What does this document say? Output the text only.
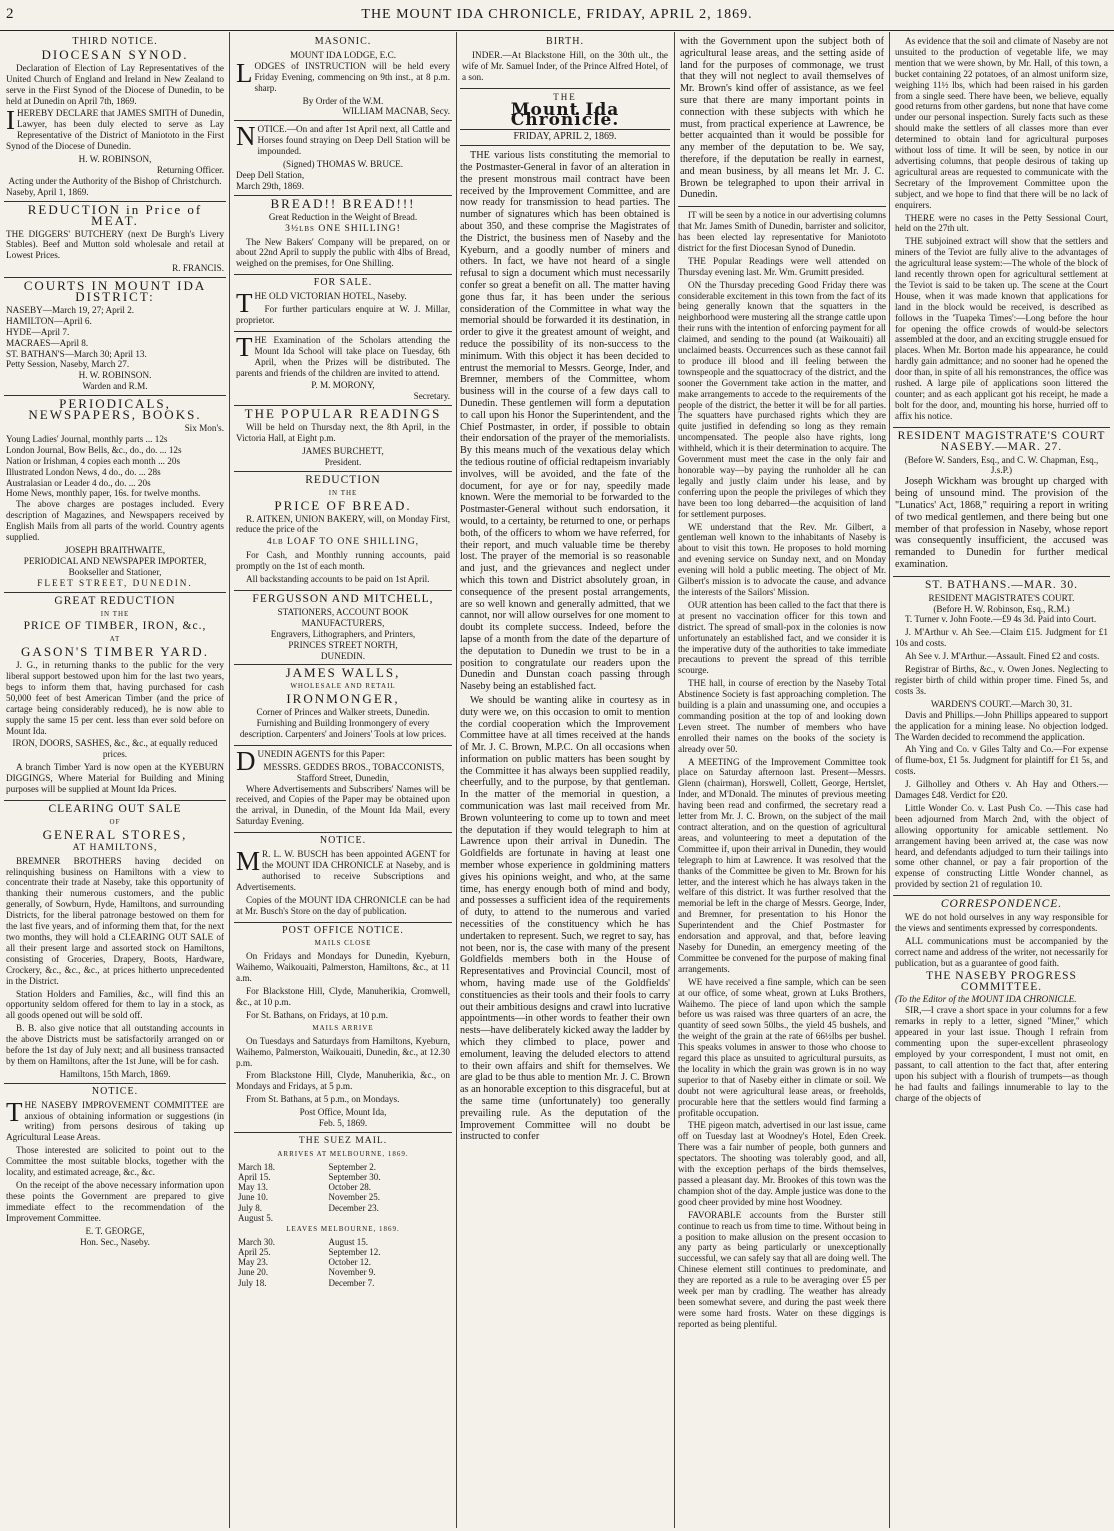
2	THE MOUNT IDA CHRONICLE, FRIDAY, APRIL 2, 1869.
THIRD NOTICE.
DIOCESAN SYNOD.

Declaration of Election of Lay Representatives of the United Church of England and Ireland in New Zealand to serve in the First Synod of the Diocese of Dunedin, to be held at Dunedin on April 7th, 1869.

IHEREBY DECLARE that JAMES SMITH of Dunedin, Lawyer, has been duly elected to serve as Lay Representative of the District of Maniototo in the First Synod of the Diocese of Dunedin.

H. W. ROBINSON,
Returning Officer.
Acting under the Authority of the Bishop of Christchurch.
Naseby, April 1, 1869.
REDUCTION in Price of MEAT.

THE DIGGERS' BUTCHERY (next De Burgh's Livery Stables). Beef and Mutton sold wholesale and retail at Lowest Prices.

R. FRANCIS.
COURTS IN MOUNT IDA DISTRICT:
NASEBY—March 19, 27; April 2.
HAMILTON—April 6.
HYDE—April 7.
MACRAES—April 8.
ST. BATHAN'S—March 30; April 13.
Petty Session, Naseby, March 27.
H. W. ROBINSON.
Warden and R.M.
PERIODICALS, NEWSPAPERS, BOOKS.
Six Mon's.
Young Ladies' Journal, monthly parts ... 12s
London Journal, Bow Bells, &c., do., do. ... 12s
Nation or Irishman, 4 copies each month ... 20s
Illustrated London News, 4 do., do. ... 28s
Australasian or Leader 4 do., do. ... 20s
Home News, monthly paper, 16s. for twelve months.

The above charges are postages included. Every description of Magazines, and Newspapers received by English Mails from all parts of the world. Country agents supplied.

JOSEPH BRAITHWAITE,
PERIODICAL AND NEWSPAPER IMPORTER, Bookseller and Stationer,
FLEET STREET, DUNEDIN.
GREAT REDUCTION
IN THE
PRICE OF TIMBER, IRON, &c.,
AT
GASON'S TIMBER YARD.

J. G., in returning thanks to the public for the very liberal support bestowed upon him for the last two years, begs to inform them that, having purchased for cash 50,000 feet of best American Timber (and the price of cartage being considerably reduced), he is now able to supply the same 15 per cent. less than ever sold before on Mount Ida.

IRON, DOORS, SASHES, &c., &c., at equally reduced prices.

A branch Timber Yard is now open at the KYEBURN DIGGINGS, Where Material for Building and Mining purposes will be supplied at Mount Ida Prices.

CLEARING OUT SALE
OF
GENERAL STORES,
AT HAMILTONS,

BREMNER BROTHERS having decided on relinquishing business on Hamiltons with a view to concentrate their trade at Naseby, take this opportunity of thanking their numerous customers, and the public generally, of Sowburn, Hyde, Hamiltons, and surrounding Districts, for the liberal patronage bestowed on them for the last five years, and of informing them that, for the next two months, they will hold a CLEARING OUT SALE of all their present large and assorted stock on Hamiltons, consisting of Groceries, Drapery, Boots, Hardware, Crockery, &c., &c., &c., at prices hitherto unprecedented in the District.

Station Holders and Families, &c., will find this an opportunity seldom offered for them to lay in a stock, as all goods opened out will be sold off.

B. B. also give notice that all outstanding accounts in the above Districts must be satisfactorily arranged on or before the 1st day of July next; and all business transacted by them on Hamiltons, after the 1st June, will be for cash.

Hamiltons, 15th March, 1869.
NOTICE.

THE NASEBY IMPROVEMENT COMMITTEE are anxious of obtaining information or suggestions (in writing) from persons desirous of taking up Agricultural Lease Areas.

Those interested are solicited to point out to the Committee the most suitable blocks, together with the locality, and estimated acreage, &c., &c.

On the receipt of the above necessary information upon these points the Government are prepared to give immediate effect to the recommendation of the Improvement Committee.

E. T. GEORGE,
Hon. Sec., Naseby.
MASONIC.
MOUNT IDA LODGE, E.C.

LODGES of INSTRUCTION will be held every Friday Evening, commencing on 9th inst., at 8 p.m. sharp.

By Order of the W.M.
WILLIAM MACNAB, Secy.

NOTICE.—On and after 1st April next, all Cattle and Horses found straying on Deep Dell Station will be impounded.

(Signed) THOMAS W. BRUCE.
Deep Dell Station,
March 29th, 1869.
BREAD!! BREAD!!!
Great Reduction in the Weight of Bread.
3½lbs ONE SHILLING!

The New Bakers' Company will be prepared, on or about 22nd April to supply the public with 4lbs of Bread, weighed on the premises, for One Shilling.

FOR SALE.

THE OLD VICTORIAN HOTEL, Naseby.

For further particulars enquire at W. J. Millar, proprietor.

THE Examination of the Scholars attending the Mount Ida School will take place on Tuesday, 6th April, when the Prizes will be distributed. The parents and friends of the children are invited to attend.

P. M. MORONY,
Secretary.
THE POPULAR READINGS

Will be held on Thursday next, the 8th April, in the Victoria Hall, at Eight p.m.

JAMES BURCHETT,
President.
REDUCTION
IN THE
PRICE OF BREAD.

R. AITKEN, UNION BAKERY, will, on Monday First, reduce the price of the

4lb LOAF TO ONE SHILLING,

For Cash, and Monthly running accounts, paid promptly on the 1st of each month.

All backstanding accounts to be paid on 1st April.

FERGUSSON AND MITCHELL,
STATIONERS, ACCOUNT BOOK MANUFACTURERS,
Engravers, Lithographers, and Printers,
PRINCES STREET NORTH,
DUNEDIN.
JAMES WALLS,
WHOLESALE AND RETAIL
IRONMONGER,

Corner of Princes and Walker streets, Dunedin. Furnishing and Building Ironmongery of every description. Carpenters' and Joiners' Tools at low prices.

DUNEDIN AGENTS for this Paper:

MESSRS. GEDDES BROS., TOBACCONISTS,
Stafford Street, Dunedin,

Where Advertisements and Subscribers' Names will be received, and Copies of the Paper may be obtained upon the arrival, in Dunedin, of the Mount Ida Mail, every Saturday Evening.

NOTICE.

MR. L. W. BUSCH has been appointed AGENT for the MOUNT IDA CHRONICLE at Naseby, and is authorised to receive Subscriptions and Advertisements.

Copies of the MOUNT IDA CHRONICLE can be had at Mr. Busch's Store on the day of publication.

POST OFFICE NOTICE.
MAILS CLOSE

On Fridays and Mondays for Dunedin, Kyeburn, Waihemo, Waikouaiti, Palmerston, Hamiltons, &c., at 11 a.m.

For Blackstone Hill, Clyde, Manuherikia, Cromwell, &c., at 10 p.m.

For St. Bathans, on Fridays, at 10 p.m.

MAILS ARRIVE

On Tuesdays and Saturdays from Hamiltons, Kyeburn, Waihemo, Palmerston, Waikouaiti, Dunedin, &c., at 12.30 p.m.

From Blackstone Hill, Clyde, Manuherikia, &c., on Mondays and Fridays, at 5 p.m.

From St. Bathans, at 5 p.m., on Mondays.

Post Office, Mount Ida,
Feb. 5, 1869.
THE SUEZ MAIL.
ARRIVES AT MELBOURNE, 1869.
March 18.	September 2.
April 15.	September 30.
May 13.	October 28.
June 10.	November 25.
July 8.	December 23.
August 5.	
LEAVES MELBOURNE, 1869.
March 30.	August 15.
April 25.	September 12.
May 23.	October 12.
June 20.	November 9.
July 18.	December 7.
BIRTH.

INDER.—At Blackstone Hill, on the 30th ult., the wife of Mr. Samuel Inder, of the Prince Alfred Hotel, of a son.

THE
Mount Ida Chronicle.
FRIDAY, APRIL 2, 1869.

THE various lists constituting the memorial to the Postmaster-General in favor of an alteration in the present monstrous mail contract have been received by the Improvement Committee, and are now ready for transmission to head parties. The number of signatures which has been obtained is about 350, and these comprise the Magistrates of the District, the business men of Naseby and the Kyeburn, and a goodly number of miners and others. In fact, we have not heard of a single refusal to sign a document which must necessarily confer so great a benefit on all. The matter having gone thus far, it has been under the serious consideration of the Committee in what way the memorial should be forwarded it its destination, in order to give it the greatest amount of weight, and reduce the possibility of its non-success to the minimum. With this object it has been decided to entrust the memorial to Messrs. George, Inder, and Bremner, members of the Committee, whom business will in the course of a few days call to Dunedin. These gentlemen will form a deputation to call upon his Honor the Superintendent, and the Chief Postmaster, in order, if possible to obtain their endorsation of the prayer of the memorialists. By this means much of the vexatious delay which the tedious routine of official redtapeism invariably involves, will be avoided, and the fate of the document, for aye or for nay, speedily made known. Were the memorial to be forwarded to the Postmaster-General without such endorsation, it would, to a certainty, be returned to one, or perhaps both, of the officers to whom we have referred, for their report, and much valuable time be thereby lost. The prayer of the memorial is so reasonable and just, and the grievances and neglect under which this town and District absolutely groan, in consequence of the present postal arrangements, are so well known and generally admitted, that we cannot, nor will allow ourselves for one moment to doubt its complete success. Indeed, before the lapse of a month from the date of the departure of the deputation to Dunedin we trust to be in a position to congratulate our readers upon the Dunedin and Dunstan coach passing through Naseby being an established fact.

We should be wanting alike in courtesy as in duty were we, on this occasion to omit to mention the cordial cooperation which the Improvement Committee have at all times received at the hands of Mr. J. C. Brown, M.P.C. On all occasions when information on public matters has been sought by the Committee it has always been supplied readily, cheerfully, and to the purpose, by that gentleman. In the matter of the memorial in question, a communication was last mail received from Mr. Brown volunteering to come up to town and meet the deputation if they would telegraph to him at Lawrence upon their arrival in Dunedin. The Goldfields are fortunate in having at least one member whose experience in goldmining matters gives his opinions weight, and who, at the same time, has energy enough both of mind and body, and possesses a sufficient idea of the requirements of duty, to attend to the numerous and varied necessities of the constituency which he has undertaken to represent. Such, we regret to say, has not been, nor is, the case with many of the present Goldfields members both in the House of Representatives and Provincial Council, most of whom, having made use of the Goldfields' constituencies as their tools and their fools to carry out their ambitious designs and crawl into lucrative appointments—in other words to feather their own nests—have deliberately kicked away the ladder by which they climbed to place, power and emolument, leaving the deluded electors to attend to their own affairs and shift for themselves. We are glad to be thus able to mention Mr. J. C. Brown as an honorable exception to this disgraceful, but at the same time (unfortunately) too generally prevailing rule. As the deputation of the Improvement Committee will no doubt be instructed to confer

with the Government upon the subject both of agricultural lease areas, and the setting aside of land for the purposes of commonage, we trust that they will not neglect to avail themselves of Mr. Brown's kind offer of assistance, as we feel sure that there are many important points in connection with these subjects with which he must, from practical experience at Lawrence, be better acquainted than it would be possible for any member of the deputation to be. We say, therefore, if the deputation be really in earnest, and mean business, by all means let Mr. J. C. Brown be telegraphed to upon their arrival in Dunedin.

IT will be seen by a notice in our advertising columns that Mr. James Smith of Dunedin, barrister and solicitor, has been elected lay representative for Maniototo district for the first Diocesan Synod of Dunedin.

THE Popular Readings were well attended on Thursday evening last. Mr. Wm. Grumitt presided.

ON the Thursday preceding Good Friday there was considerable excitement in this town from the fact of its being generally known that the squatters in the neighborhood were mustering all the strange cattle upon their runs with the intention of enforcing payment for all claimed, and sending to the pound (at Waikouaiti) all unclaimed beasts. Occurrences such as these cannot fail to produce ill blood and ill feeling between the townspeople and the squattocracy of the district, and the sooner the Government take action in the matter, and make arrangements to accede to the requirements of the people of the district, the better it will be for all parties. The squatters have purchased rights which they are quite justified in defending so long as they remain uncompensated. The people also have rights, long withheld, which it is their determination to acquire. The Government must meet the case in the only fair and honorable way—by paying the runholder all he can legally and justly claim under his lease, and by conferring upon the people the privileges of which they have been too long debarred—the acquisition of land for settlement purposes.

WE understand that the Rev. Mr. Gilbert, a gentleman well known to the inhabitants of Naseby is about to visit this town. He proposes to hold morning and evening service on Sunday next, and on Monday evening will hold a public meeting. The object of Mr. Gilbert's mission is to advocate the cause, and advance the interests of the Sailors' Mission.

OUR attention has been called to the fact that there is at present no vaccination officer for this town and district. The spread of small-pox in the colonies is now unfortunately an established fact, and we consider it is the imperative duty of the authorities to take immediate precautions to prevent the spread of this terrible scourge.

THE hall, in course of erection by the Naseby Total Abstinence Society is fast approaching completion. The building is a plain and unassuming one, and occupies a commanding position at the top of and looking down Leven street. The number of members who have enrolled their names on the books of the society is already over 50.

A MEETING of the Improvement Committee took place on Saturday afternoon last. Present—Messrs. Glenn (chairman), Horswell, Collett, George, Hertslet, Inder, and M'Donald. The minutes of previous meeting having been read and confirmed, the secretary read a letter from Mr. J. C. Brown, on the subject of the mail contract alteration, and on the question of agricultural areas, and volunteering to meet a deputation of the Committee if, upon their arrival in Dunedin, they would telegraph to him at Lawrence. It was resolved that the thanks of the Committee be given to Mr. Brown for his letter, and the interest which he has always taken in the welfare of this district. It was further resolved that the memorial be left in the charge of Messrs. George, Inder, and Bremner, for presentation to his Honor the Superintendent and the Chief Postmaster for endorsation and approval, and that, before leaving Naseby for Dunedin, an emergency meeting of the Committee be convened for the purpose of making final arrangements.

WE have received a fine sample, which can be seen at our office, of some wheat, grown at Luks Brothers, Waihemo. The piece of land upon which the sample before us was raised was three quarters of an acre, the quantity of seed sown 50lbs., the yield 45 bushels, and the weight of the grain at the rate of 66½lbs per bushel. This speaks volumes in answer to those who choose to regard this place as unsuited to agricultural pursuits, as the locality in which the grain was grown is in no way superior to that of Naseby either in climate or soil. We doubt not were agricultural lease areas, or freeholds, procurable here that the settlers would find farming a profitable occupation.

THE pigeon match, advertised in our last issue, came off on Tuesday last at Woodney's Hotel, Eden Creek. There was a fair number of people, both gunners and spectators. The shooting was tolerably good, and all, with the exception perhaps of the birds themselves, passed a pleasant day. Mr. Brookes of this town was the champion shot of the day. Ample justice was done to the good cheer provided by mine host Woodney.

FAVORABLE accounts from the Burster still continue to reach us from time to time. Without being in a position to make allusion on the present occasion to any party as being particularly or unexceptionally successful, we can safely say that all are doing well. The Chinese element still continues to predominate, and they are reported as a rule to be averaging over £5 per week per man by cradling. The weather has already been somewhat severe, and during the past week there were some hard frosts. Water on these diggings is reported as being plentiful.

As evidence that the soil and climate of Naseby are not unsuited to the production of vegetable life, we may mention that we were shown, by Mr. Hall, of this town, a bucket containing 22 potatoes, of an almost uniform size, weighing 11½ lbs, which had been raised in his garden from a single seed. There have been, we believe, equally good returns from other gardens, but none that have come under our personal inspection. Surely facts such as these should make the settlers of all classes more than ever determined to obtain land for agricultural purposes without loss of time. It will be seen, by notice in our advertising columns, that people desirous of taking up agricultural areas are requested to communicate with the Secretary of the Improvement Committee upon the subject, and we hope to find that there will be no lack of enquirers.

THERE were no cases in the Petty Sessional Court, held on the 27th ult.

THE subjoined extract will show that the settlers and miners of the Teviot are fully alive to the advantages of the agricultural lease system:—The whole of the block of land recently thrown open for agricultural settlement at the Teviot is said to be taken up. The scene at the Court House, when it was made known that applications for land in the block would be received, is described as follows in the 'Tuapeka Times':—Long before the hour for opening the office crowds of would-be selectors assembled at the door, and an exciting struggle ensued for places. When Mr. Borton made his appearance, he could hardly gain admittance; and no sooner had he opened the door than, in spite of all his remonstrances, the office was rushed. A large pile of applications soon littered the counter; and as each applicant got his receipt, he made a bolt for the door, and, mounting his horse, hurried off to affix his notice.

RESIDENT MAGISTRATE'S COURT NASEBY.—MAR. 27.
(Before W. Sanders, Esq., and C. W. Chapman, Esq., J.s.P.)

Joseph Wickham was brought up charged with being of unsound mind. The provision of the "Lunatics' Act, 1868," requiring a report in writing of two medical gentlemen, and there being but one member of that profession in Naseby, whose report was consequently insufficient, the accused was remanded to Dunedin for further medical examination.

ST. BATHANS.—MAR. 30.
RESIDENT MAGISTRATE'S COURT.
(Before H. W. Robinson, Esq., R.M.)

T. Turner v. John Foote.—£9 4s 3d. Paid into Court.

J. M'Arthur v. Ah See.—Claim £15. Judgment for £1 10s and costs.

Ah See v. J. M'Arthur.—Assault. Fined £2 and costs.

Registrar of Births, &c., v. Owen Jones. Neglecting to register birth of child within proper time. Fined 5s, and costs 3s.

WARDEN'S COURT.—March 30, 31.

Davis and Phillips.—John Phillips appeared to support the application for a mining lease. No objection lodged. The Warden decided to recommend the application.

Ah Ying and Co. v Giles Talty and Co.—For expense of flume-box, £1 5s. Judgment for plaintiff for £1 5s, and costs.

J. Gilholley and Others v. Ah Hay and Others.—Damages £48. Verdict for £20.

Little Wonder Co. v. Last Push Co. —This case had been adjourned from March 2nd, with the object of allowing opportunity for amicable settlement. No arrangement having been arrived at, the case was now heard, and defendants adjudged to turn their tailings into some other channel, or pay a fair proportion of the expense of constructing Little Wonder channel, as provided by section 21 of regulation 10.

CORRESPONDENCE.

WE do not hold ourselves in any way responsible for the views and sentiments expressed by correspondents.

ALL communications must be accompanied by the correct name and address of the writer, not necessarily for publication, but as a guarantee of good faith.

THE NASEBY PROGRESS COMMITTEE.
(To the Editor of the MOUNT IDA CHRONICLE.

SIR,—I crave a short space in your columns for a few remarks in reply to a letter, signed "Miner," which appeared in your last issue. Though I refrain from commenting upon the super-excellent phraseology employed by your correspondent, I must not omit, en passant, to call attention to the fact that, after entering upon his subject with a flourish of trumpets—as though he had faults and failings innumerable to lay to the charge of the objects of
